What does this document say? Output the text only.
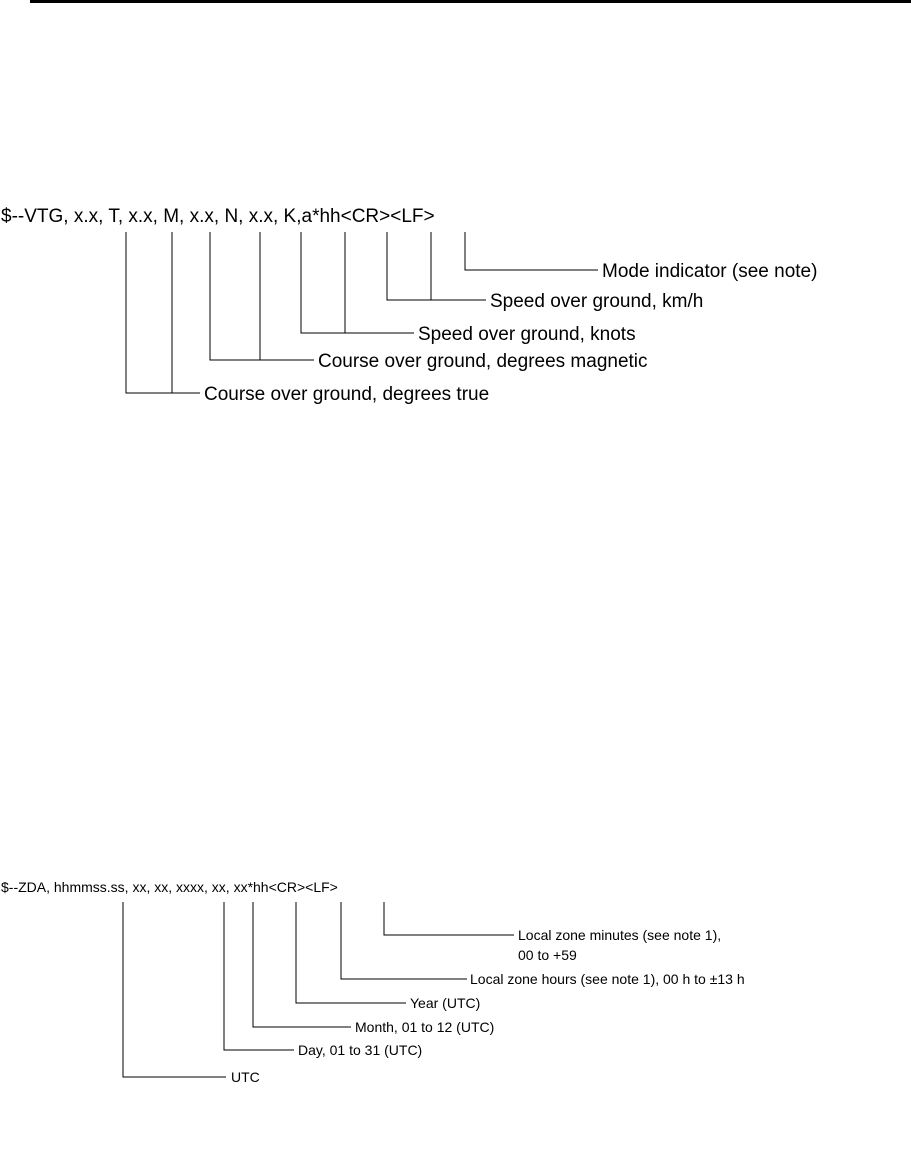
$--VTG, x.x, T, x.x, M, x.x, N, x.x, K,a*hh<CR><LF>
Mode indicator (see note)
Speed over ground, km/h
Speed over ground, knots
Course over ground, degrees magnetic
Course over ground, degrees true
$--ZDA, hhmmss.ss, xx, xx, xxxx, xx, xx*hh<CR><LF>
Local zone minutes (see note 1),
00 to +59
Local zone hours (see note 1), 00 h to ±13 h
Year (UTC)
Month, 01 to 12 (UTC)
Day, 01 to 31 (UTC)
UTC
